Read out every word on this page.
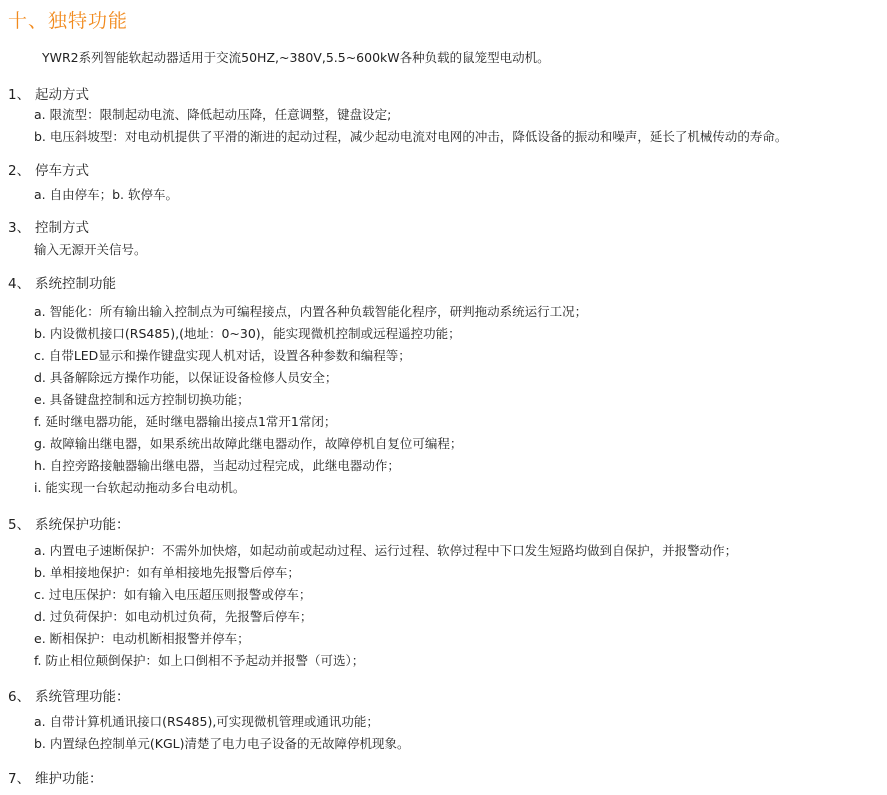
十、独特功能
YWR2系列智能软起动器适用于交流50HZ,~380V,5.5~600kW各种负载的鼠笼型电动机。
1、 起动方式
a. 限流型：限制起动电流、降低起动压降，任意调整，键盘设定;
b. 电压斜坡型：对电动机提供了平滑的渐进的起动过程，减少起动电流对电网的冲击，降低设备的振动和噪声，延长了机械传动的寿命。
2、 停车方式
a. 自由停车；b. 软停车。
3、 控制方式
输入无源开关信号。
4、 系统控制功能
a. 智能化：所有输出输入控制点为可编程接点，内置各种负载智能化程序，研判拖动系统运行工况；
b. 内设微机接口(RS485),(地址：0~30)，能实现微机控制或远程遥控功能；
c. 自带LED显示和操作键盘实现人机对话，设置各种参数和编程等；
d. 具备解除远方操作功能，以保证设备检修人员安全；
e. 具备键盘控制和远方控制切换功能；
f. 延时继电器功能，延时继电器输出接点1常开1常闭；
g. 故障输出继电器，如果系统出故障此继电器动作，故障停机自复位可编程；
h. 自控旁路接触器输出继电器，当起动过程完成，此继电器动作；
i. 能实现一台软起动拖动多台电动机。
5、 系统保护功能：
a. 内置电子速断保护：不需外加快熔，如起动前或起动过程、运行过程、软停过程中下口发生短路均做到自保护，并报警动作；
b. 单相接地保护：如有单相接地先报警后停车；
c. 过电压保护：如有输入电压超压则报警或停车；
d. 过负荷保护：如电动机过负荷，先报警后停车；
e. 断相保护：电动机断相报警并停车；
f. 防止相位颠倒保护：如上口倒相不予起动并报警（可选）；
6、 系统管理功能：
a. 自带计算机通讯接口(RS485),可实现微机管理或通讯功能；
b. 内置绿色控制单元(KGL)清楚了电力电子设备的无故障停机现象。
7、 维护功能：
